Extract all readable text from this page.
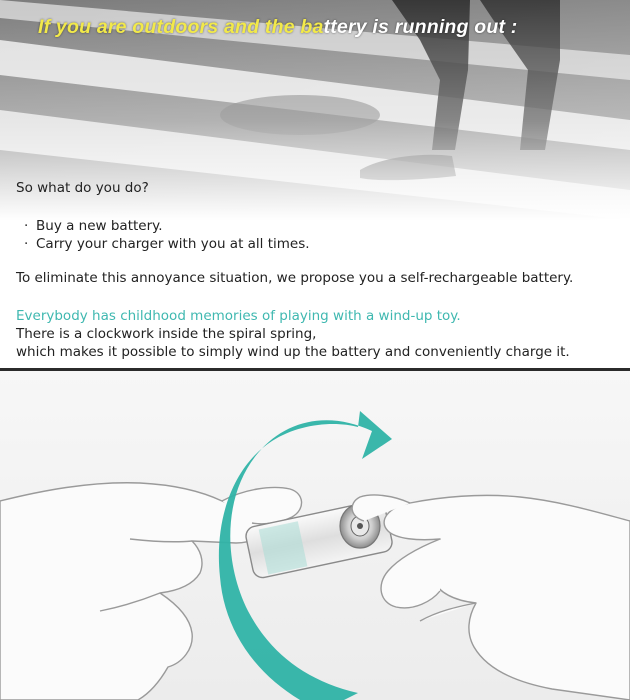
If you are outdoors and the battery is running out :
So what do you do?
· Buy a new battery.
· Carry your charger with you at all times.
To eliminate this annoyance situation, we propose you a self-rechargeable battery.
Everybody has childhood memories of playing with a wind-up toy.
There is a clockwork inside the spiral spring,
which makes it possible to simply wind up the battery and conveniently charge it.
